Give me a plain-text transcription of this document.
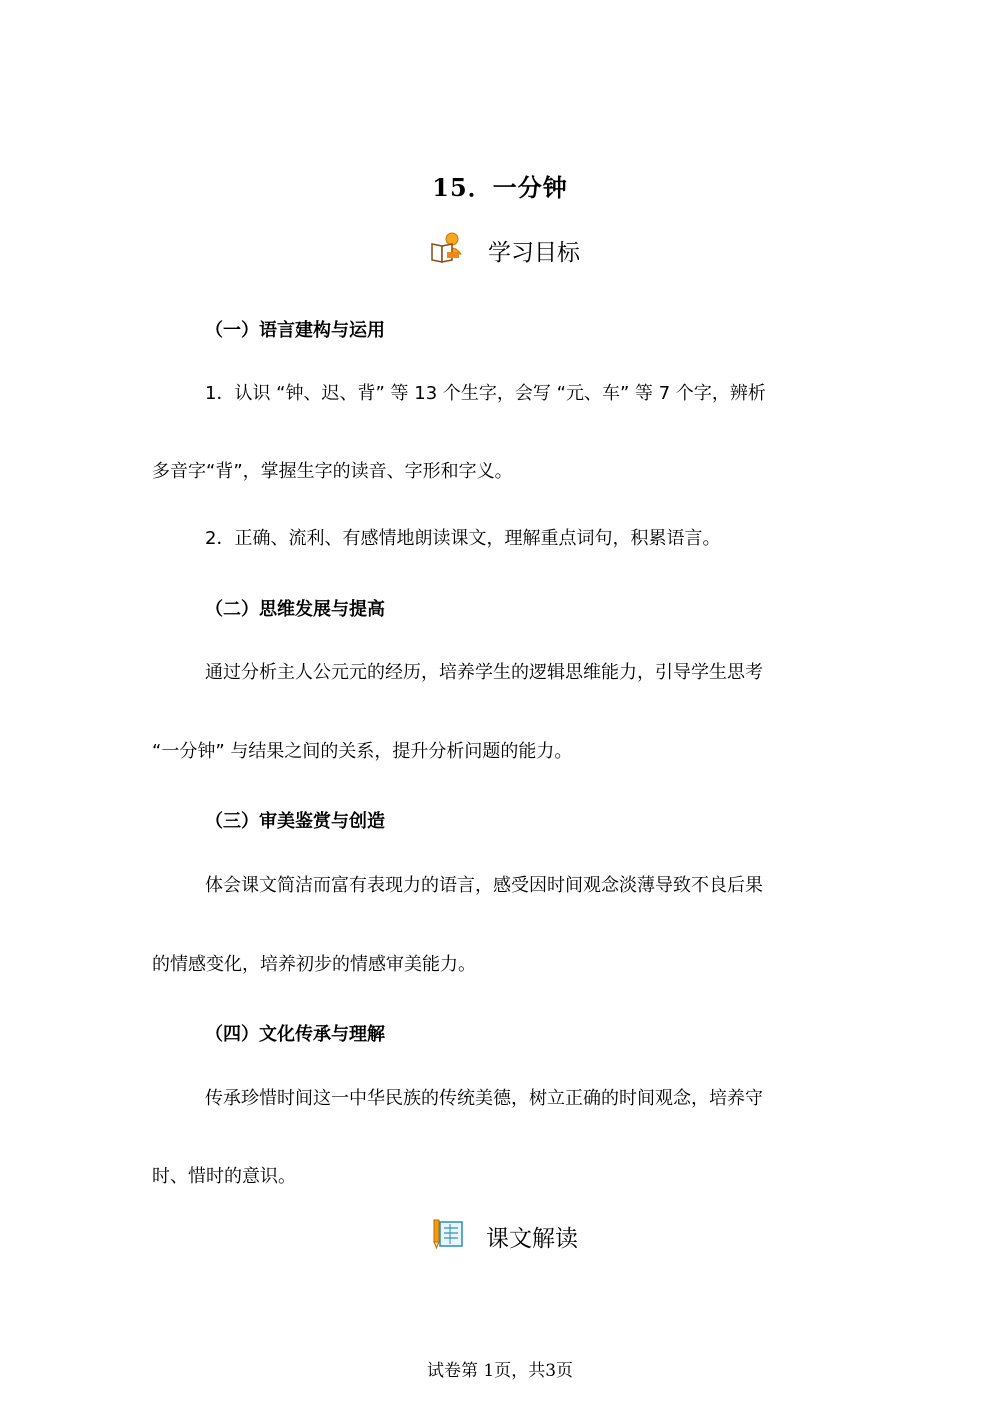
15．一分钟
学习目标
（一）语言建构与运用
1．认识 “钟、迟、背” 等 13 个生字，会写 “元、车” 等 7 个字，辨析
多音字“背”，掌握生字的读音、字形和字义。
2．正确、流利、有感情地朗读课文，理解重点词句，积累语言。
（二）思维发展与提高
通过分析主人公元元的经历，培养学生的逻辑思维能力，引导学生思考
“一分钟” 与结果之间的关系，提升分析问题的能力。
（三）审美鉴赏与创造
体会课文简洁而富有表现力的语言，感受因时间观念淡薄导致不良后果
的情感变化，培养初步的情感审美能力。
（四）文化传承与理解
传承珍惜时间这一中华民族的传统美德，树立正确的时间观念，培养守
时、惜时的意识。
课文解读
试卷第 1页，共3页
